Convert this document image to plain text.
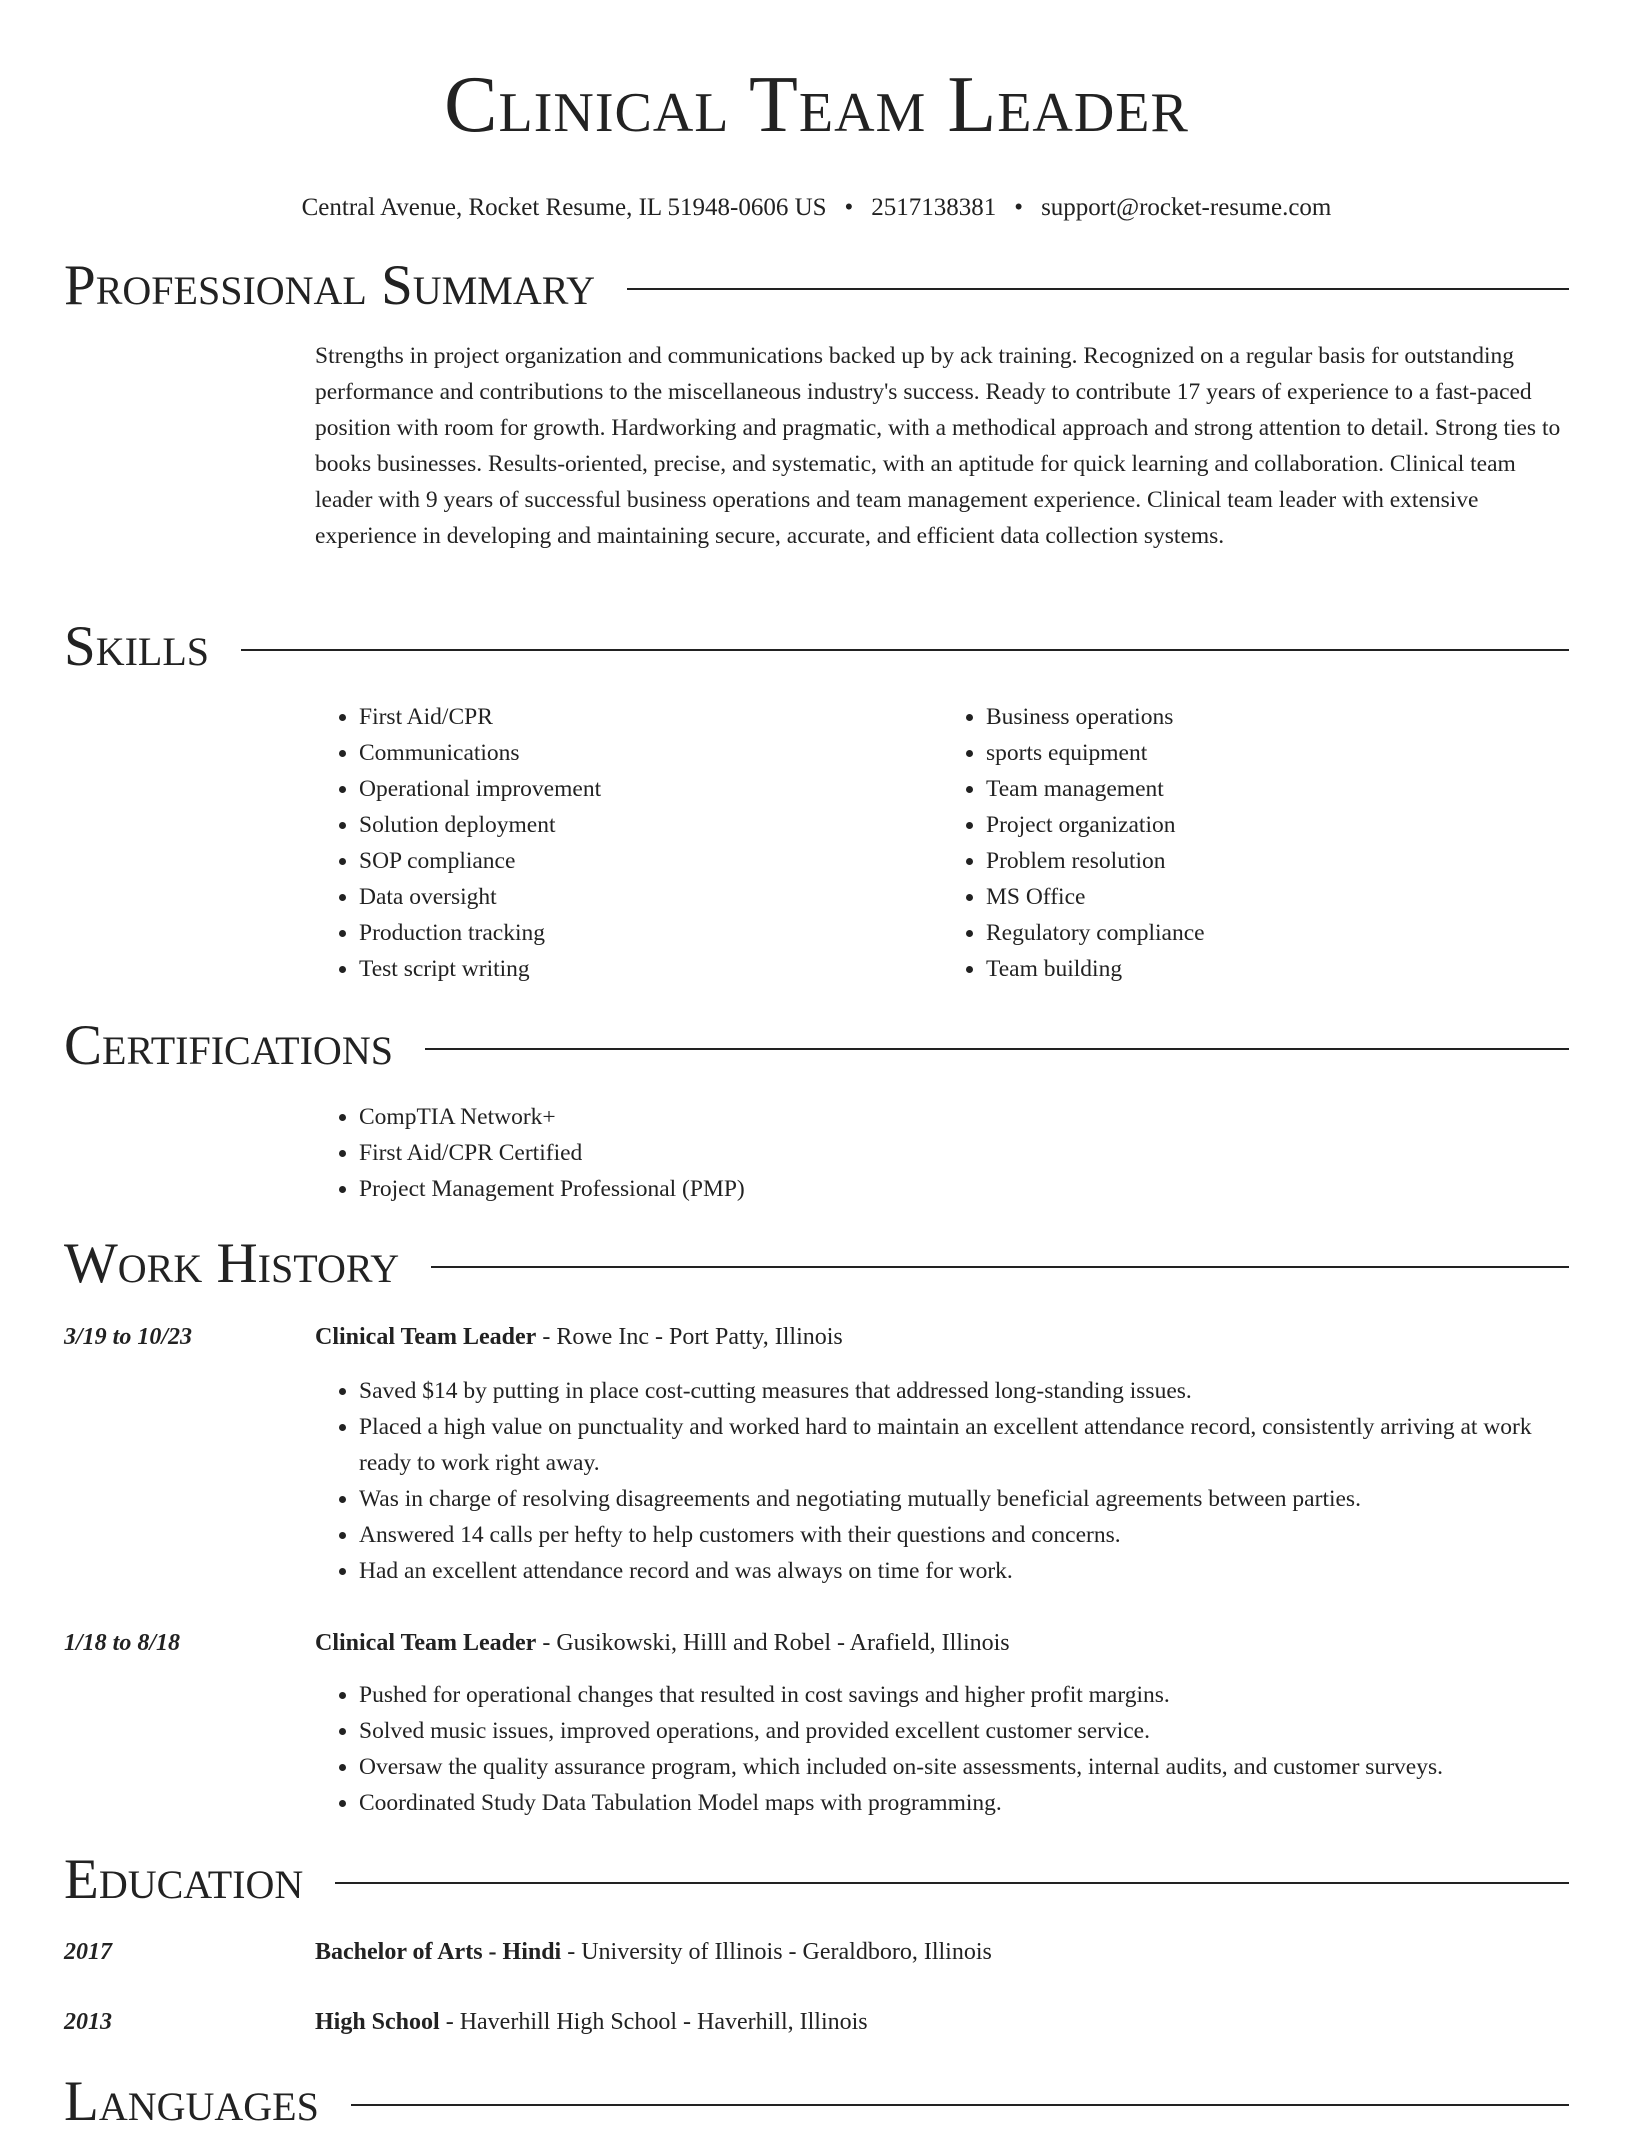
Clinical Team Leader
Central Avenue, Rocket Resume, IL 51948-0606 US • 2517138381 • support@rocket-resume.com
Professional Summary

Strengths in project organization and communications backed up by ack training. Recognized on a regular basis for outstanding performance and contributions to the miscellaneous industry's success. Ready to contribute 17 years of experience to a fast-paced position with room for growth. Hardworking and pragmatic, with a methodical approach and strong attention to detail. Strong ties to books businesses. Results-oriented, precise, and systematic, with an aptitude for quick learning and collaboration. Clinical team leader with 9 years of successful business operations and team management experience. Clinical team leader with extensive experience in developing and maintaining secure, accurate, and efficient data collection systems.

Skills
• First Aid/CPR
• Communications
• Operational improvement
• Solution deployment
• SOP compliance
• Data oversight
• Production tracking
• Test script writing
• Business operations
• sports equipment
• Team management
• Project organization
• Problem resolution
• MS Office
• Regulatory compliance
• Team building
Certifications
• CompTIA Network+
• First Aid/CPR Certified
• Project Management Professional (PMP)
Work History
3/19 to 10/23	Clinical Team Leader - Rowe Inc - Port Patty, Illinois
• Saved $14 by putting in place cost-cutting measures that addressed long-standing issues.
• Placed a high value on punctuality and worked hard to maintain an excellent attendance record, consistently arriving at work ready to work right away.
• Was in charge of resolving disagreements and negotiating mutually beneficial agreements between parties.
• Answered 14 calls per hefty to help customers with their questions and concerns.
• Had an excellent attendance record and was always on time for work.
1/18 to 8/18	Clinical Team Leader - Gusikowski, Hilll and Robel - Arafield, Illinois
• Pushed for operational changes that resulted in cost savings and higher profit margins.
• Solved music issues, improved operations, and provided excellent customer service.
• Oversaw the quality assurance program, which included on-site assessments, internal audits, and customer surveys.
• Coordinated Study Data Tabulation Model maps with programming.
Education
2017	Bachelor of Arts - Hindi - University of Illinois - Geraldboro, Illinois
2013	High School - Haverhill High School - Haverhill, Illinois
Languages
